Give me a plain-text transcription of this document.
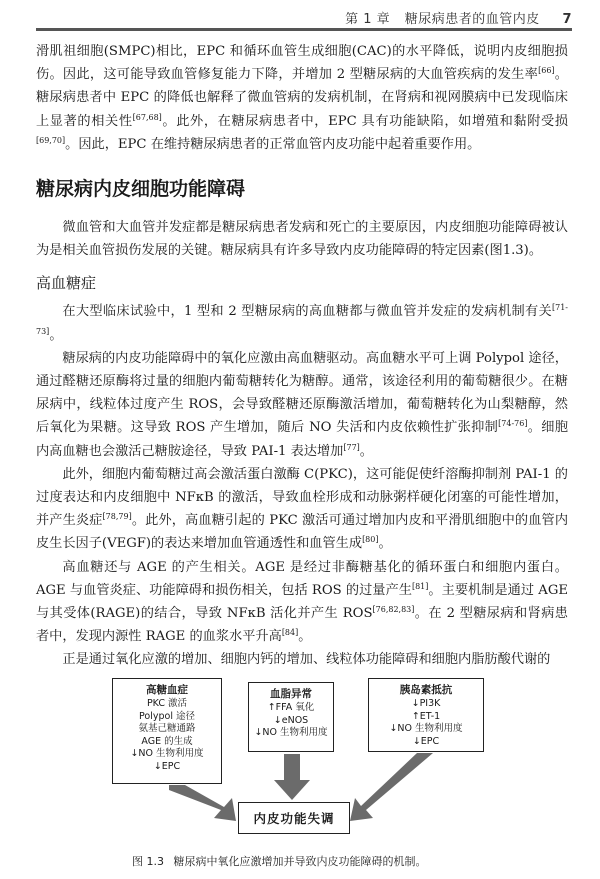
第 1 章 糖尿病患者的血管内皮 7

滑肌祖细胞(SMPC)相比，EPC 和循环血管生成细胞(CAC)的水平降低，说明内皮细胞损伤。因此，这可能导致血管修复能力下降，并增加 2 型糖尿病的大血管疾病的发生率[66]。糖尿病患者中 EPC 的降低也解释了微血管病的发病机制，在肾病和视网膜病中已发现临床上显著的相关性[67,68]。此外，在糖尿病患者中，EPC 具有功能缺陷，如增殖和黏附受损[69,70]。因此，EPC 在维持糖尿病患者的正常血管内皮功能中起着重要作用。

糖尿病内皮细胞功能障碍

微血管和大血管并发症都是糖尿病患者发病和死亡的主要原因，内皮细胞功能障碍被认为是相关血管损伤发展的关键。糖尿病具有许多导致内皮功能障碍的特定因素(图1.3)。

高血糖症

在大型临床试验中，1 型和 2 型糖尿病的高血糖都与微血管并发症的发病机制有关[71-73]。

糖尿病的内皮功能障碍中的氧化应激由高血糖驱动。高血糖水平可上调 Polypol 途径，通过醛糖还原酶将过量的细胞内葡萄糖转化为糖醇。通常，该途径利用的葡萄糖很少。在糖尿病中，线粒体过度产生 ROS，会导致醛糖还原酶激活增加，葡萄糖转化为山梨糖醇，然后氧化为果糖。这导致 ROS 产生增加，随后 NO 失活和内皮依赖性扩张抑制[74-76]。细胞内高血糖也会激活己糖胺途径，导致 PAI-1 表达增加[77]。

此外，细胞内葡萄糖过高会激活蛋白激酶 C(PKC)，这可能促使纤溶酶抑制剂 PAI-1 的过度表达和内皮细胞中 NFκB 的激活，导致血栓形成和动脉粥样硬化闭塞的可能性增加，并产生炎症[78,79]。此外，高血糖引起的 PKC 激活可通过增加内皮和平滑肌细胞中的血管内皮生长因子(VEGF)的表达来增加血管通透性和血管生成[80]。

高血糖还与 AGE 的产生相关。AGE 是经过非酶糖基化的循环蛋白和细胞内蛋白。AGE 与血管炎症、功能障碍和损伤相关，包括 ROS 的过量产生[81]。主要机制是通过 AGE 与其受体(RAGE)的结合，导致 NFκB 活化并产生 ROS[76,82,83]。在 2 型糖尿病和肾病患者中，发现内源性 RAGE 的血浆水平升高[84]。

正是通过氧化应激的增加、细胞内钙的增加、线粒体功能障碍和细胞内脂肪酸代谢的

高糖血症
PKC 激活
Polypol 途径
氨基己糖通路
AGE 的生成
↓NO 生物利用度
↓EPC
血脂异常
↑FFA 氧化
↓eNOS
↓NO 生物利用度
胰岛素抵抗
↓PI3K
↑ET-1
↓NO 生物利用度
↓EPC
内皮功能失调
图 1.3 糖尿病中氧化应激增加并导致内皮功能障碍的机制。
